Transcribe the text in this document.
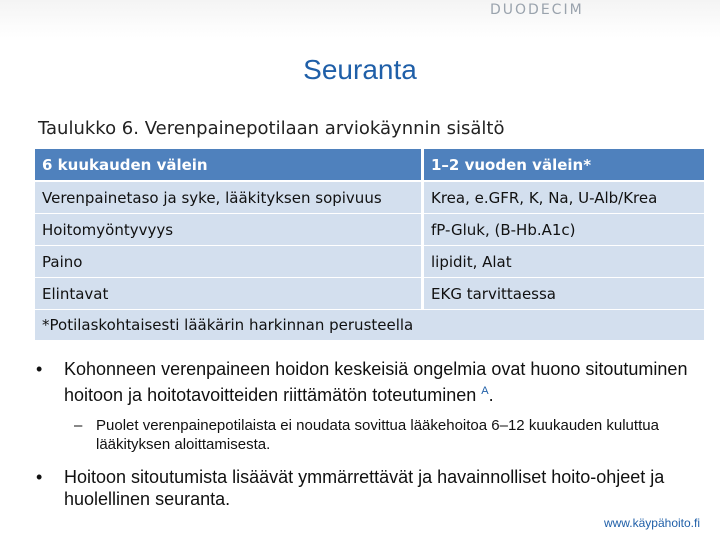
DUODECIM
Seuranta
Taulukko 6. Verenpainepotilaan arviokäynnin sisältö
6 kuukauden välein	1–2 vuoden välein*
Verenpainetaso ja syke, lääkityksen sopivuus	Krea, e.GFR, K, Na, U-Alb/Krea
Hoitomyöntyvyys	fP-Gluk, (B-Hb.A1c)
Paino	lipidit, Alat
Elintavat	EKG tarvittaessa
*Potilaskohtaisesti lääkärin harkinnan perusteella	
• Kohonneen verenpaineen hoidon keskeisiä ongelmia ovat huono sitoutuminen hoitoon ja hoitotavoitteiden riittämätön toteutuminen $^A$.
– Puolet verenpainepotilaista ei noudata sovittua lääkehoitoa 6–12 kuukauden kuluttua lääkityksen aloittamisesta.
• Hoitoon sitoutumista lisäävät ymmärrettävät ja havainnolliset hoito-ohjeet ja huolellinen seuranta.
www.käypähoito.fi
